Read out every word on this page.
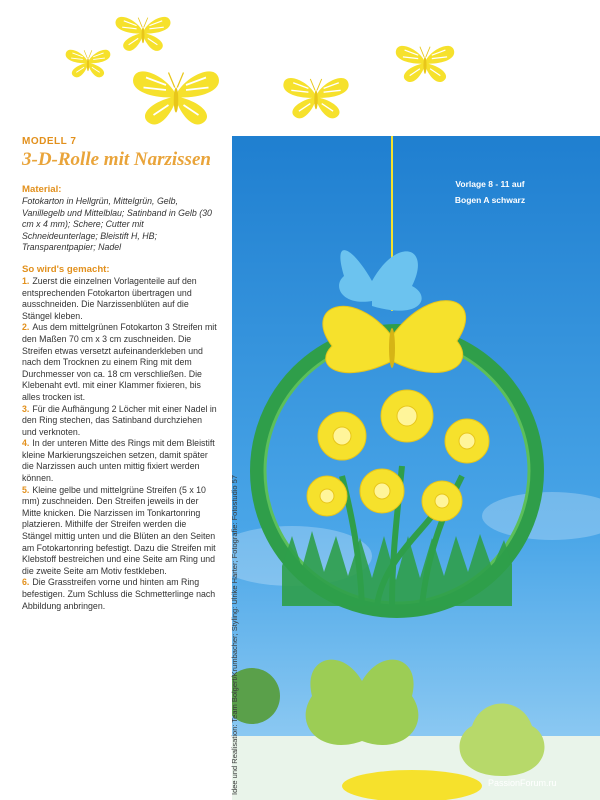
Vorlage 8 - 11 auf
Bogen A schwarz
Idee und Realisation: Team Bolgert/Krumbacher; Styling: Ulrike Harter; Fotografie: Fotostudio 57

MODELL 7

3-D-Rolle mit Narzissen

Material:

Fotokarton in Hellgrün, Mittelgrün, Gelb, Vanillegelb und Mittelblau; Satinband in Gelb (30 cm x 4 mm); Schere; Cutter mit Schneideunterlage; Bleistift H, HB; Transparentpapier; Nadel

So wird's gemacht:

1. Zuerst die einzelnen Vorlagenteile auf den entsprechenden Fotokarton übertragen und ausschneiden. Die Narzissenblüten auf die Stängel kleben.
2. Aus dem mittelgrünen Fotokarton 3 Streifen mit den Maßen 70 cm x 3 cm zuschneiden. Die Streifen etwas versetzt aufeinanderkleben und nach dem Trocknen zu einem Ring mit dem Durchmesser von ca. 18 cm verschließen. Die Klebenaht evtl. mit einer Klammer fixieren, bis alles trocken ist.
3. Für die Aufhängung 2 Löcher mit einer Nadel in den Ring stechen, das Satinband durchziehen und verknoten.
4. In der unteren Mitte des Rings mit dem Bleistift kleine Markierungszeichen setzen, damit später die Narzissen auch unten mittig fixiert werden können.
5. Kleine gelbe und mittelgrüne Streifen (5 x 10 mm) zuschneiden. Den Streifen jeweils in der Mitte knicken. Die Narzissen im Tonkartonring platzieren. Mithilfe der Streifen werden die Stängel mittig unten und die Blüten an den Seiten am Fotokartonring befestigt. Dazu die Streifen mit Klebstoff bestreichen und eine Seite am Ring und die zweite Seite am Motiv festkleben.
6. Die Grasstreifen vorne und hinten am Ring befestigen. Zum Schluss die Schmetterlinge nach Abbildung anbringen.
PassionForum.ru
